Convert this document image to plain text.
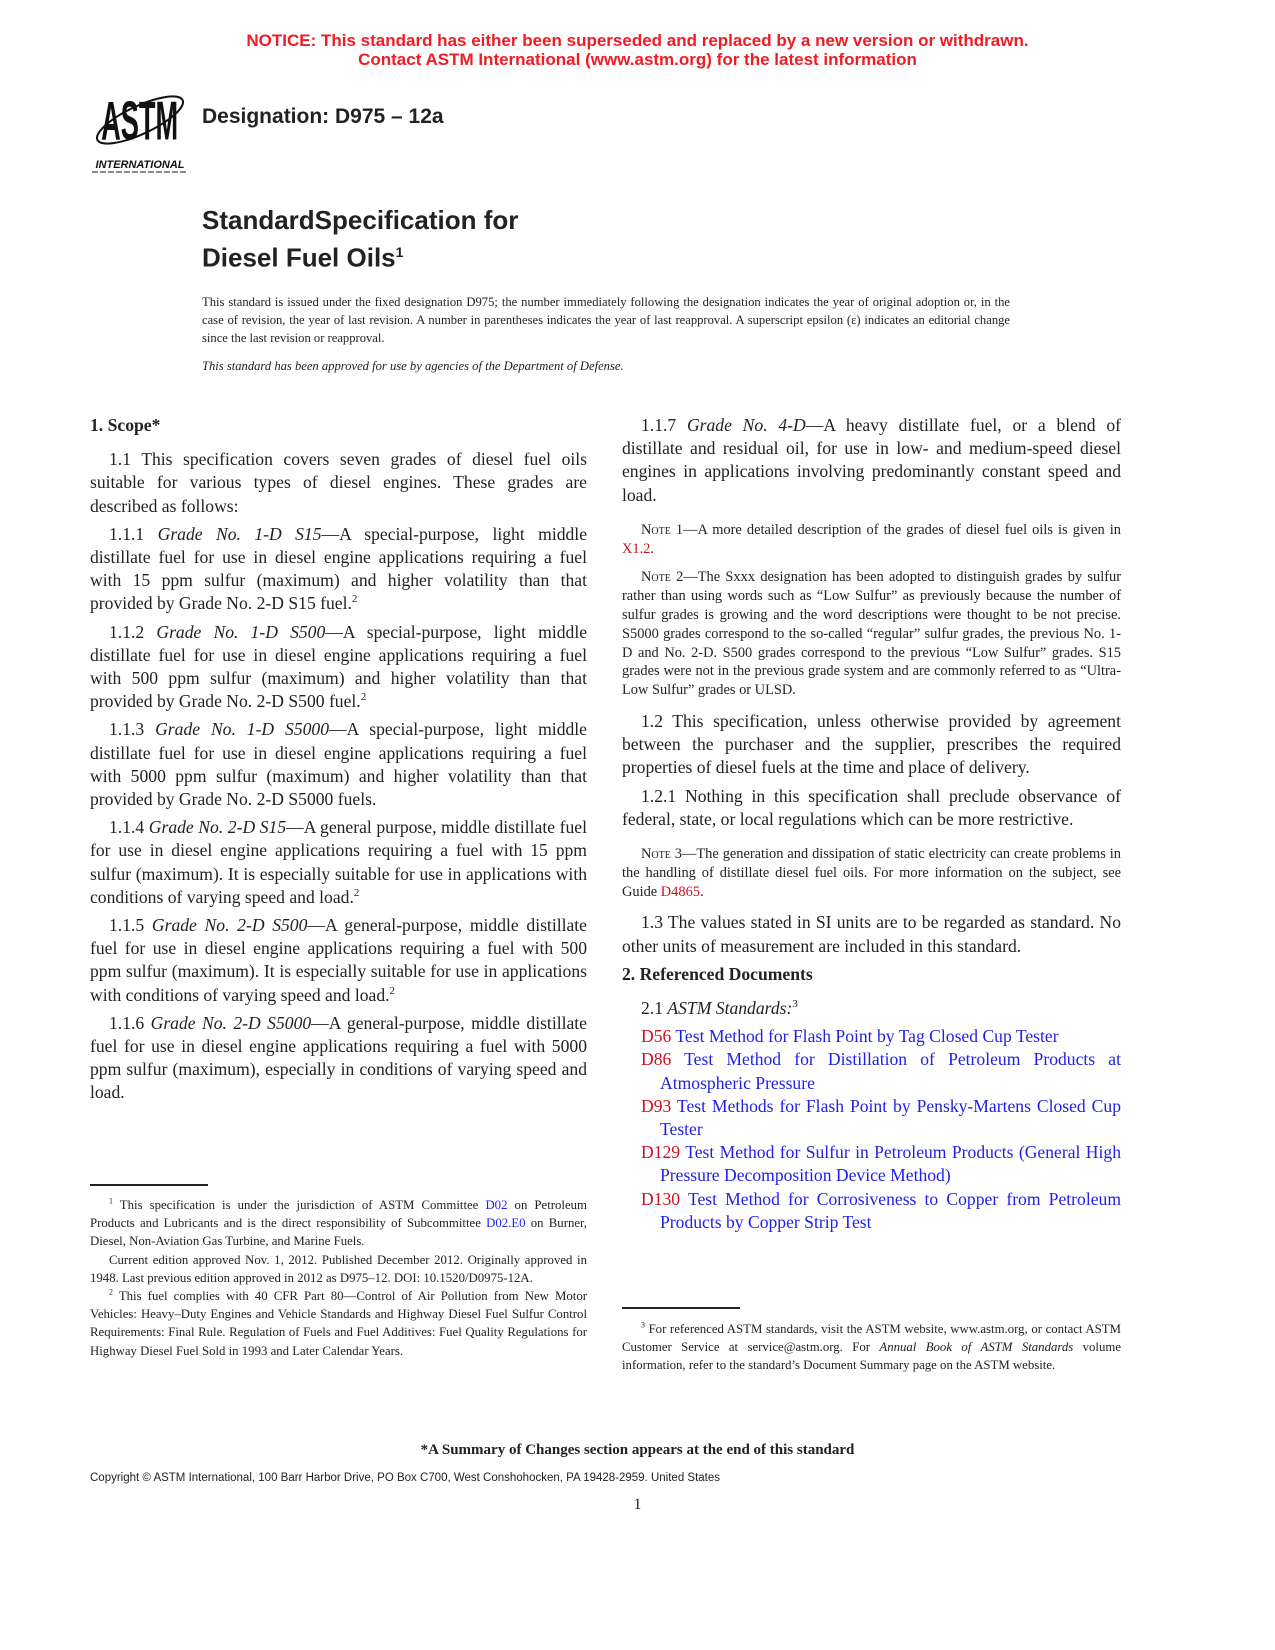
NOTICE: This standard has either been superseded and replaced by a new version or withdrawn.
Contact ASTM International (www.astm.org) for the latest information
ASTM
INTERNATIONAL
Designation: D975 – 12a
StandardSpecification for
Diesel Fuel Oils$^1$
This standard is issued under the fixed designation D975; the number immediately following the designation indicates the year of original adoption or, in the case of revision, the year of last revision. A number in parentheses indicates the year of last reapproval. A superscript epsilon (ε) indicates an editorial change since the last revision or reapproval.
This standard has been approved for use by agencies of the Department of Defense.
1. Scope*
1.1 This specification covers seven grades of diesel fuel oils suitable for various types of diesel engines. These grades are described as follows:
1.1.1 Grade No. 1-D S15—A special-purpose, light middle distillate fuel for use in diesel engine applications requiring a fuel with 15 ppm sulfur (maximum) and higher volatility than that provided by Grade No. 2-D S15 fuel.$^2$
1.1.2 Grade No. 1-D S500—A special-purpose, light middle distillate fuel for use in diesel engine applications requiring a fuel with 500 ppm sulfur (maximum) and higher volatility than that provided by Grade No. 2-D S500 fuel.$^2$
1.1.3 Grade No. 1-D S5000—A special-purpose, light middle distillate fuel for use in diesel engine applications requiring a fuel with 5000 ppm sulfur (maximum) and higher volatility than that provided by Grade No. 2-D S5000 fuels.
1.1.4 Grade No. 2-D S15—A general purpose, middle distillate fuel for use in diesel engine applications requiring a fuel with 15 ppm sulfur (maximum). It is especially suitable for use in applications with conditions of varying speed and load.$^2$
1.1.5 Grade No. 2-D S500—A general-purpose, middle distillate fuel for use in diesel engine applications requiring a fuel with 500 ppm sulfur (maximum). It is especially suitable for use in applications with conditions of varying speed and load.$^2$
1.1.6 Grade No. 2-D S5000—A general-purpose, middle distillate fuel for use in diesel engine applications requiring a fuel with 5000 ppm sulfur (maximum), especially in conditions of varying speed and load.
1.1.7 Grade No. 4-D—A heavy distillate fuel, or a blend of distillate and residual oil, for use in low- and medium-speed diesel engines in applications involving predominantly constant speed and load.
Note 1—A more detailed description of the grades of diesel fuel oils is given in X1.2.
Note 2—The Sxxx designation has been adopted to distinguish grades by sulfur rather than using words such as “Low Sulfur” as previously because the number of sulfur grades is growing and the word descriptions were thought to be not precise. S5000 grades correspond to the so-called “regular” sulfur grades, the previous No. 1-D and No. 2-D. S500 grades correspond to the previous “Low Sulfur” grades. S15 grades were not in the previous grade system and are commonly referred to as “Ultra-Low Sulfur” grades or ULSD.
1.2 This specification, unless otherwise provided by agreement between the purchaser and the supplier, prescribes the required properties of diesel fuels at the time and place of delivery.
1.2.1 Nothing in this specification shall preclude observance of federal, state, or local regulations which can be more restrictive.
Note 3—The generation and dissipation of static electricity can create problems in the handling of distillate diesel fuel oils. For more information on the subject, see Guide D4865.
1.3 The values stated in SI units are to be regarded as standard. No other units of measurement are included in this standard.
2. Referenced Documents
2.1 ASTM Standards:$^3$
D56 Test Method for Flash Point by Tag Closed Cup Tester
D86 Test Method for Distillation of Petroleum Products at Atmospheric Pressure
D93 Test Methods for Flash Point by Pensky-Martens Closed Cup Tester
D129 Test Method for Sulfur in Petroleum Products (General High Pressure Decomposition Device Method)
D130 Test Method for Corrosiveness to Copper from Petroleum Products by Copper Strip Test
$^1$ This specification is under the jurisdiction of ASTM Committee D02 on Petroleum Products and Lubricants and is the direct responsibility of Subcommittee D02.E0 on Burner, Diesel, Non-Aviation Gas Turbine, and Marine Fuels.
Current edition approved Nov. 1, 2012. Published December 2012. Originally approved in 1948. Last previous edition approved in 2012 as D975–12. DOI: 10.1520/D0975-12A.
$^2$ This fuel complies with 40 CFR Part 80—Control of Air Pollution from New Motor Vehicles: Heavy–Duty Engines and Vehicle Standards and Highway Diesel Fuel Sulfur Control Requirements: Final Rule. Regulation of Fuels and Fuel Additives: Fuel Quality Regulations for Highway Diesel Fuel Sold in 1993 and Later Calendar Years.
$^3$ For referenced ASTM standards, visit the ASTM website, www.astm.org, or contact ASTM Customer Service at service@astm.org. For Annual Book of ASTM Standards volume information, refer to the standard’s Document Summary page on the ASTM website.
*A Summary of Changes section appears at the end of this standard
Copyright © ASTM International, 100 Barr Harbor Drive, PO Box C700, West Conshohocken, PA 19428-2959. United States
1
